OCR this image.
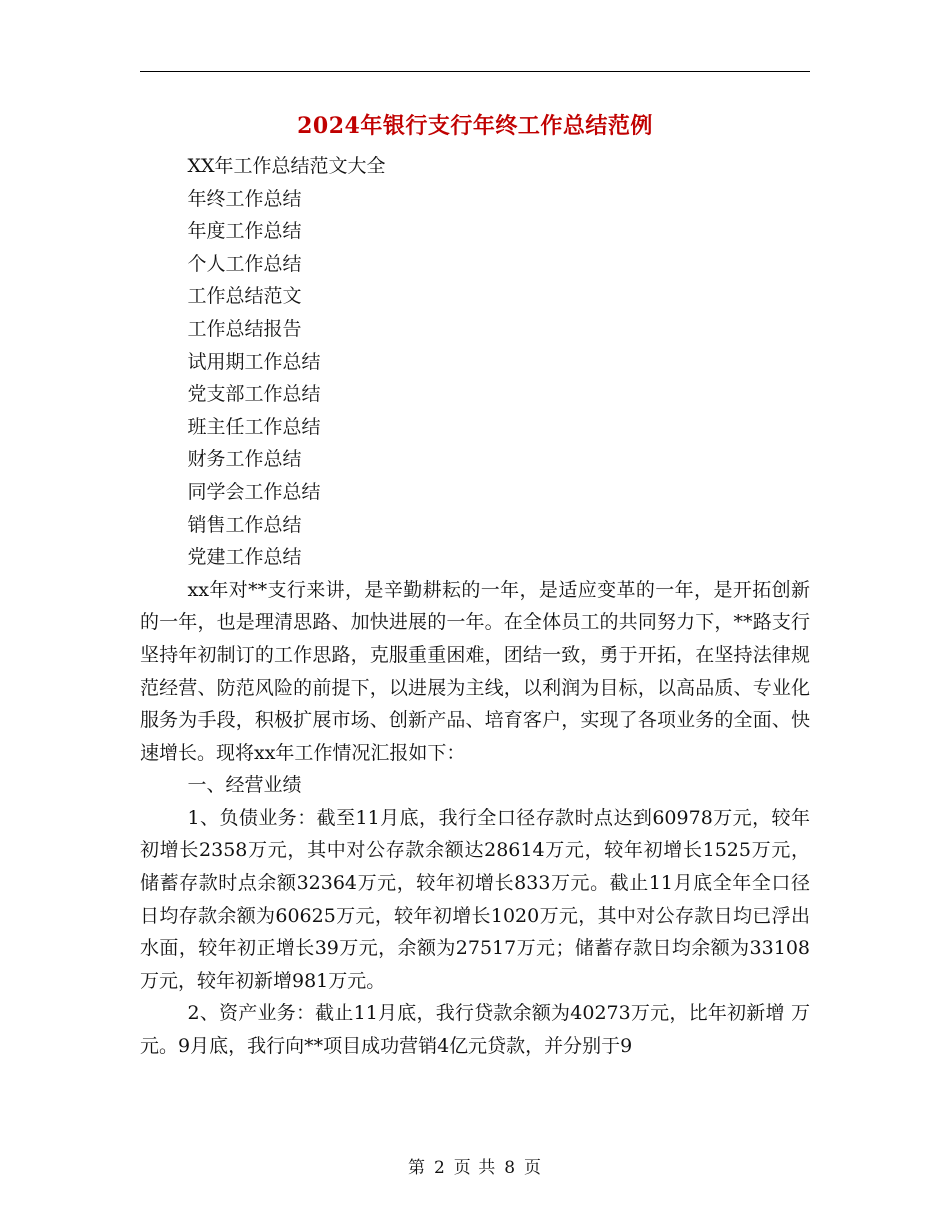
2024年银行支行年终工作总结范例

XX年工作总结范文大全

年终工作总结

年度工作总结

个人工作总结

工作总结范文

工作总结报告

试用期工作总结

党支部工作总结

班主任工作总结

财务工作总结

同学会工作总结

销售工作总结

党建工作总结

xx年对**支行来讲，是辛勤耕耘的一年，是适应变革的一年，是开拓创新的一年，也是理清思路、加快进展的一年。在全体员工的共同努力下，**路支行坚持年初制订的工作思路，克服重重困难，团结一致，勇于开拓，在坚持法律规范经营、防范风险的前提下，以进展为主线，以利润为目标，以高品质、专业化服务为手段，积极扩展市场、创新产品、培育客户，实现了各项业务的全面、快速增长。现将xx年工作情况汇报如下：

一、经营业绩

1、负债业务：截至11月底，我行全口径存款时点达到60978万元，较年初增长2358万元，其中对公存款余额达28614万元，较年初增长1525万元，储蓄存款时点余额32364万元，较年初增长833万元。截止11月底全年全口径日均存款余额为60625万元，较年初增长1020万元，其中对公存款日均已浮出水面，较年初正增长39万元，余额为27517万元；储蓄存款日均余额为33108万元，较年初新增981万元。

2、资产业务：截止11月底，我行贷款余额为40273万元，比年初新增 万元。9月底，我行向**项目成功营销4亿元贷款，并分别于9

第 2 页 共 8 页
